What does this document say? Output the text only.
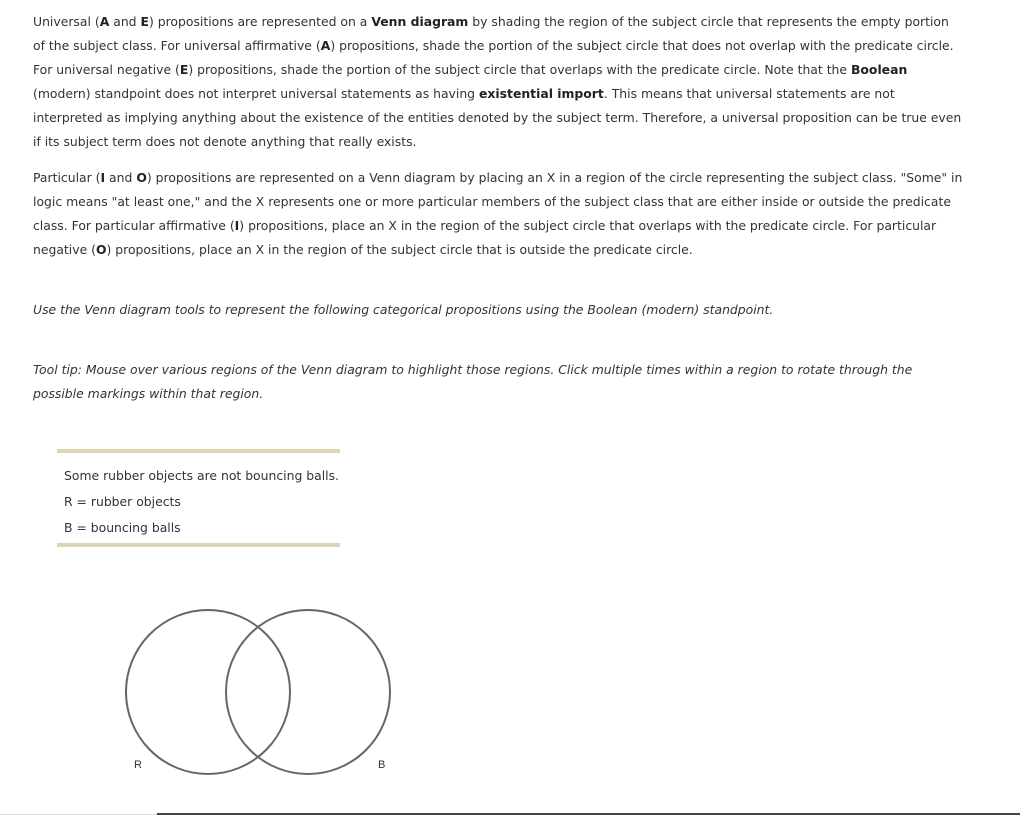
Universal (A and E) propositions are represented on a Venn diagram by shading the region of the subject circle that represents the empty portion of the subject class. For universal affirmative (A) propositions, shade the portion of the subject circle that does not overlap with the predicate circle. For universal negative (E) propositions, shade the portion of the subject circle that overlaps with the predicate circle. Note that the Boolean (modern) standpoint does not interpret universal statements as having existential import. This means that universal statements are not interpreted as implying anything about the existence of the entities denoted by the subject term. Therefore, a universal proposition can be true even if its subject term does not denote anything that really exists.

Particular (I and O) propositions are represented on a Venn diagram by placing an X in a region of the circle representing the subject class. "Some" in logic means "at least one," and the X represents one or more particular members of the subject class that are either inside or outside the predicate class. For particular affirmative (I) propositions, place an X in the region of the subject circle that overlaps with the predicate circle. For particular negative (O) propositions, place an X in the region of the subject circle that is outside the predicate circle.

Use the Venn diagram tools to represent the following categorical propositions using the Boolean (modern) standpoint.

Tool tip: Mouse over various regions of the Venn diagram to highlight those regions. Click multiple times within a region to rotate through the possible markings within that region.

Some rubber objects are not bouncing balls.
R = rubber objects
B = bouncing balls
R	B
